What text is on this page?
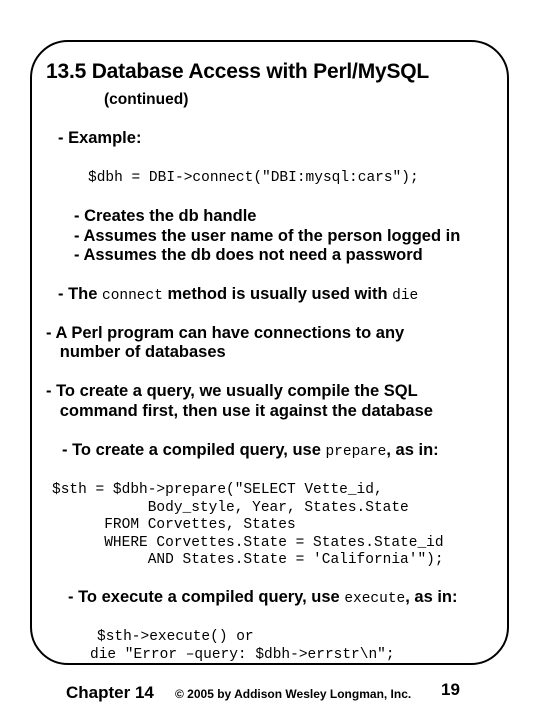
13.5 Database Access with Perl/MySQL
(continued)
- Example:
$dbh = DBI->connect("DBI:mysql:cars");
- Creates the db handle
- Assumes the user name of the person logged in
- Assumes the db does not need a password
- The connect method is usually used with die
- A Perl program can have connections to any
number of databases
- To create a query, we usually compile the SQL
command first, then use it against the database
- To create a compiled query, use prepare, as in:
$sth = $dbh->prepare("SELECT Vette_id,
Body_style, Year, States.State
FROM Corvettes, States
WHERE Corvettes.State = States.State_id
AND States.State = 'California'");
- To execute a compiled query, use execute, as in:
$sth->execute() or
die "Error –query: $dbh->errstr\n";
Chapter 14 © 2005 by Addison Wesley Longman, Inc. 19
